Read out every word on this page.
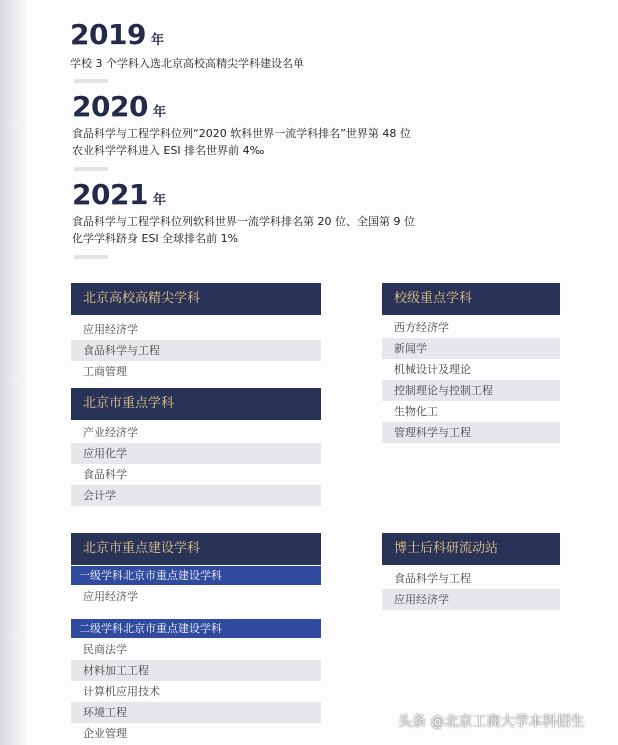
2019 年
学校 3 个学科入选北京高校高精尖学科建设名单
2020 年
食品科学与工程学科位列“2020 软科世界一流学科排名”世界第 48 位
农业科学学科进入 ESI 排名世界前 4‰
2021 年
食品科学与工程学科位列软科世界一流学科排名第 20 位、全国第 9 位
化学学科跻身 ESI 全球排名前 1%
北京高校高精尖学科
应用经济学
食品科学与工程
工商管理
北京市重点学科
产业经济学
应用化学
食品科学
会计学
北京市重点建设学科
一级学科北京市重点建设学科
应用经济学
二级学科北京市重点建设学科
民商法学
材料加工工程
计算机应用技术
环境工程
企业管理
校级重点学科
西方经济学
新闻学
机械设计及理论
控制理论与控制工程
生物化工
管理科学与工程
博士后科研流动站
食品科学与工程
应用经济学
头条 @北京工商大学本科招生
